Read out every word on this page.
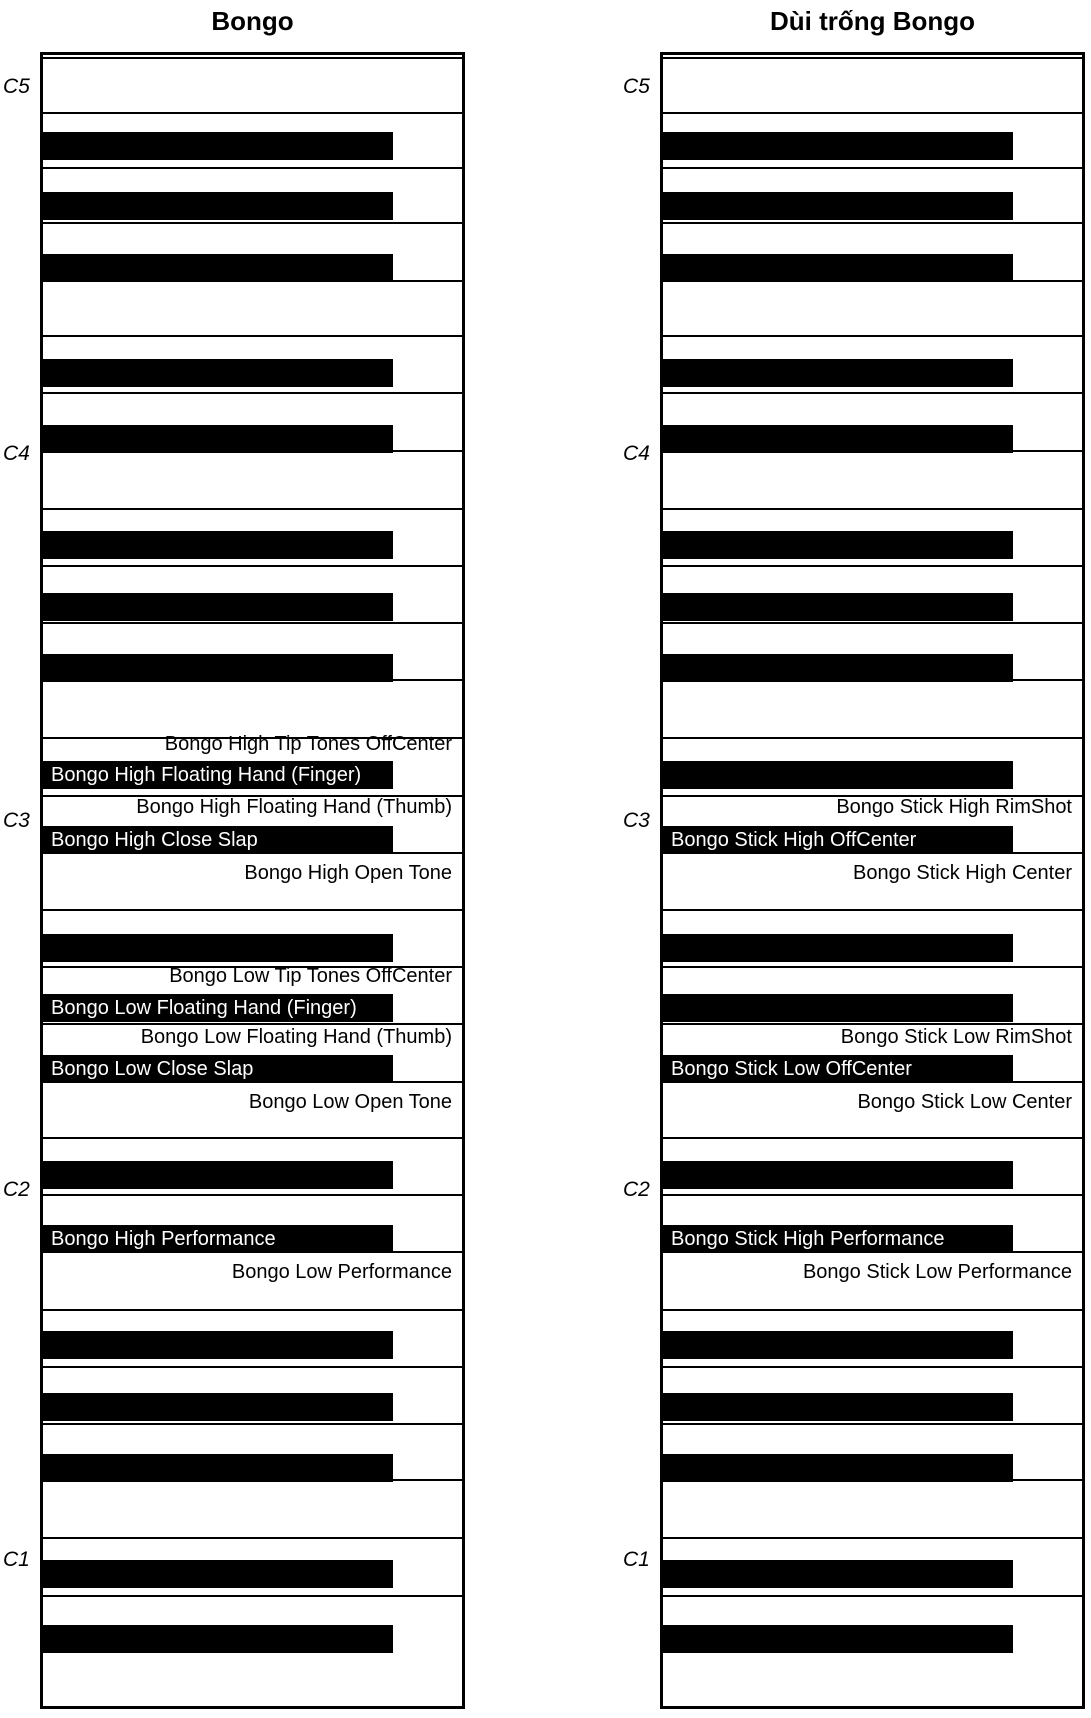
Bongo	Dùi trống Bongo
Bongo High Floating Hand (Finger)
Bongo High Close Slap
Bongo Low Floating Hand (Finger)
Bongo Low Close Slap
Bongo High Performance
Bongo High Tip Tones OffCenter
Bongo High Floating Hand (Thumb)
Bongo High Open Tone
Bongo Low Tip Tones OffCenter
Bongo Low Floating Hand (Thumb)
Bongo Low Open Tone
Bongo Low Performance
Bongo Stick High OffCenter
Bongo Stick Low OffCenter
Bongo Stick High Performance
Bongo Stick High RimShot
Bongo Stick High Center
Bongo Stick Low RimShot
Bongo Stick Low Center
Bongo Stick Low Performance
C5
C4
C3
C2
C1
C5
C4
C3
C2
C1
